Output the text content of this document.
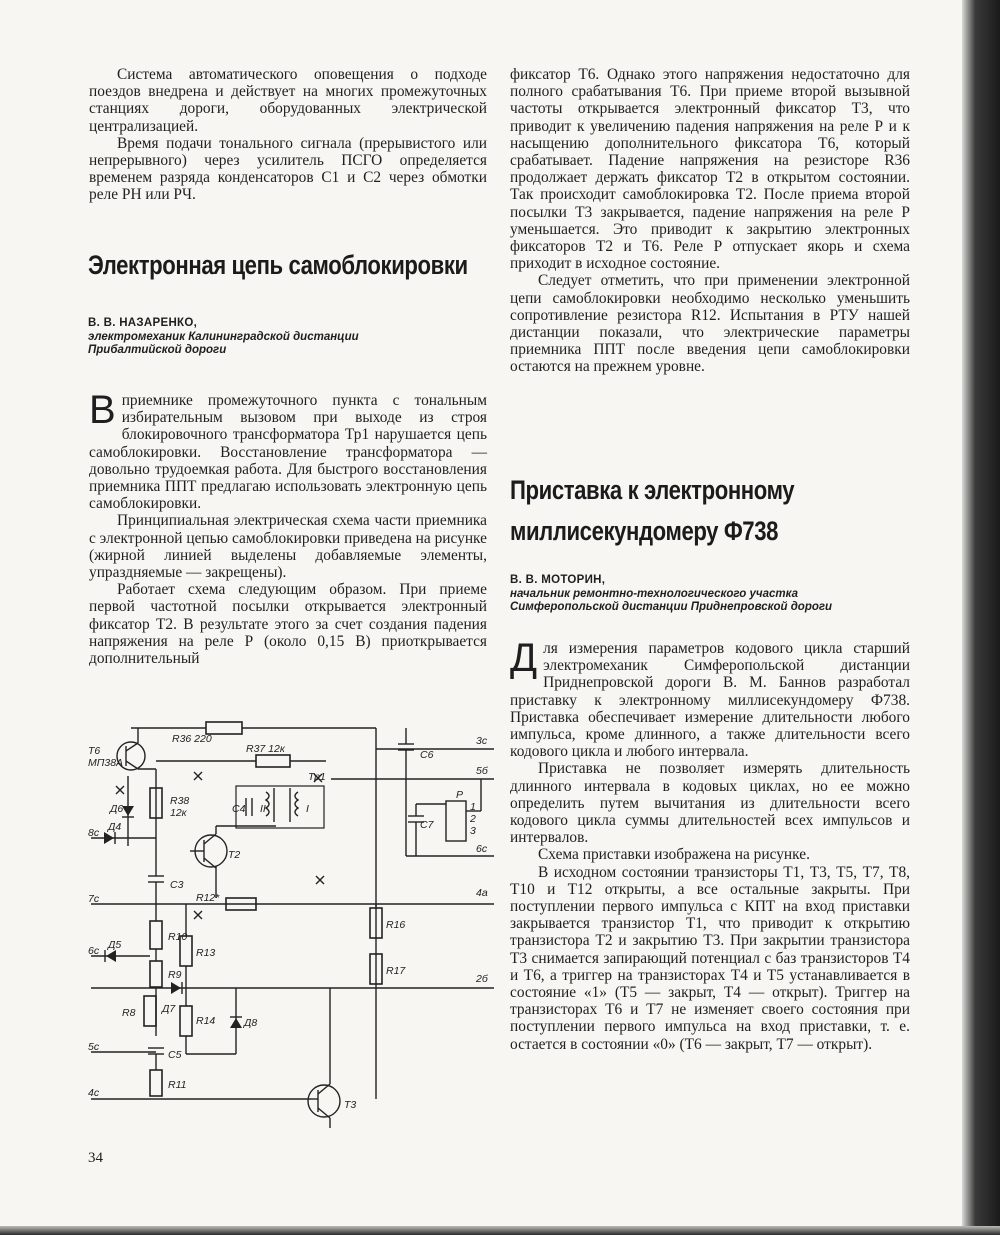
Система автоматического оповещения о подходе поездов внедрена и действует на многих промежуточных станциях дороги, оборудованных электрической централизацией.

Время подачи тонального сигнала (прерывистого или непрерывного) через усилитель ПСГО определяется временем разряда конденсаторов С1 и С2 через обмотки реле РН или РЧ.

Электронная цепь самоблокировки
В. В. НАЗАРЕНКО,
электромеханик Калининградской дистанции
Прибалтийской дороги

Вприемнике промежуточного пункта с тональным избирательным вызовом при выходе из строя блокировочного трансформатора Тр1 нарушается цепь самоблокировки. Восстановление трансформатора — довольно трудоемкая работа. Для быстрого восстановления приемника ППТ предлагаю использовать электронную цепь самоблокировки.

Принципиальная электрическая схема части приемника с электронной цепью самоблокировки приведена на рисунке (жирной линией выделены добавляемые элементы, упраздняемые — закрещены).

Работает схема следующим образом. При приеме первой частотной посылки открывается электронный фиксатор Т2. В результате этого за счет создания падения напряжения на реле Р (около 0,15 В) приоткрывается дополнительный

фиксатор Т6. Однако этого напряжения недостаточно для полного срабатывания Т6. При приеме второй вызывной частоты открывается электронный фиксатор Т3, что приводит к увеличению падения напряжения на реле Р и к насыщению дополнительного фиксатора Т6, который срабатывает. Падение напряжения на резисторе R36 продолжает держать фиксатор Т2 в открытом состоянии. Так происходит самоблокировка Т2. После приема второй посылки Т3 закрывается, падение напряжения на реле Р уменьшается. Это приводит к закрытию электронных фиксаторов Т2 и Т6. Реле Р отпускает якорь и схема приходит в исходное состояние.

Следует отметить, что при применении электронной цепи самоблокировки необходимо несколько уменьшить сопротивление резистора R12. Испытания в РТУ нашей дистанции показали, что электрические параметры приемника ППТ после введения цепи самоблокировки остаются на прежнем уровне.

Приставка к электронному
миллисекундомеру Ф738
В. В. МОТОРИН,
начальник ремонтно-технологического участка
Симферопольской дистанции Приднепровской дороги

Для измерения параметров кодового цикла старший электромеханик Симферопольской дистанции Приднепровской дороги В. М. Баннов разработал приставку к электронному миллисекундомеру Ф738. Приставка обеспечивает измерение длительности любого импульса, кроме длинного, а также длительности всего кодового цикла и любого интервала.

Приставка не позволяет измерять длительность длинного интервала в кодовых циклах, но ее можно определить путем вычитания из длительности всего кодового цикла суммы длительностей всех импульсов и интервалов.

Схема приставки изображена на рисунке.

В исходном состоянии транзисторы Т1, Т3, Т5, Т7, Т8, Т10 и Т12 открыты, а все остальные закрыты. При поступлении первого импульса с КПТ на вход приставки закрывается транзистор Т1, что приводит к открытию транзистора Т2 и закрытию Т3. При закрытии транзистора Т3 снимается запирающий потенциал с баз транзисторов Т4 и Т6, а триггер на транзисторах Т4 и Т5 устанавливается в состояние «1» (Т5 — закрыт, Т4 — открыт). Триггер на транзисторах Т6 и Т7 не изменяет своего состояния при поступлении первого импульса на вход приставки, т. е. остается в состоянии «0» (Т6 — закрыт, Т7 — открыт).

Т6
МП38А
R36 220
R37 12к
Тр1
С4 II	I
Д6
R38
12к
Т2
С3
R12*
8с Д4
7с
6с Д5
R10
R13
R9
R8	Д7
R14	Д8
5с
С5
R11
4с
Т3
С6
С7
Р
1
2
3
R16
R17
3с
5б
6с
4а
2б
34
